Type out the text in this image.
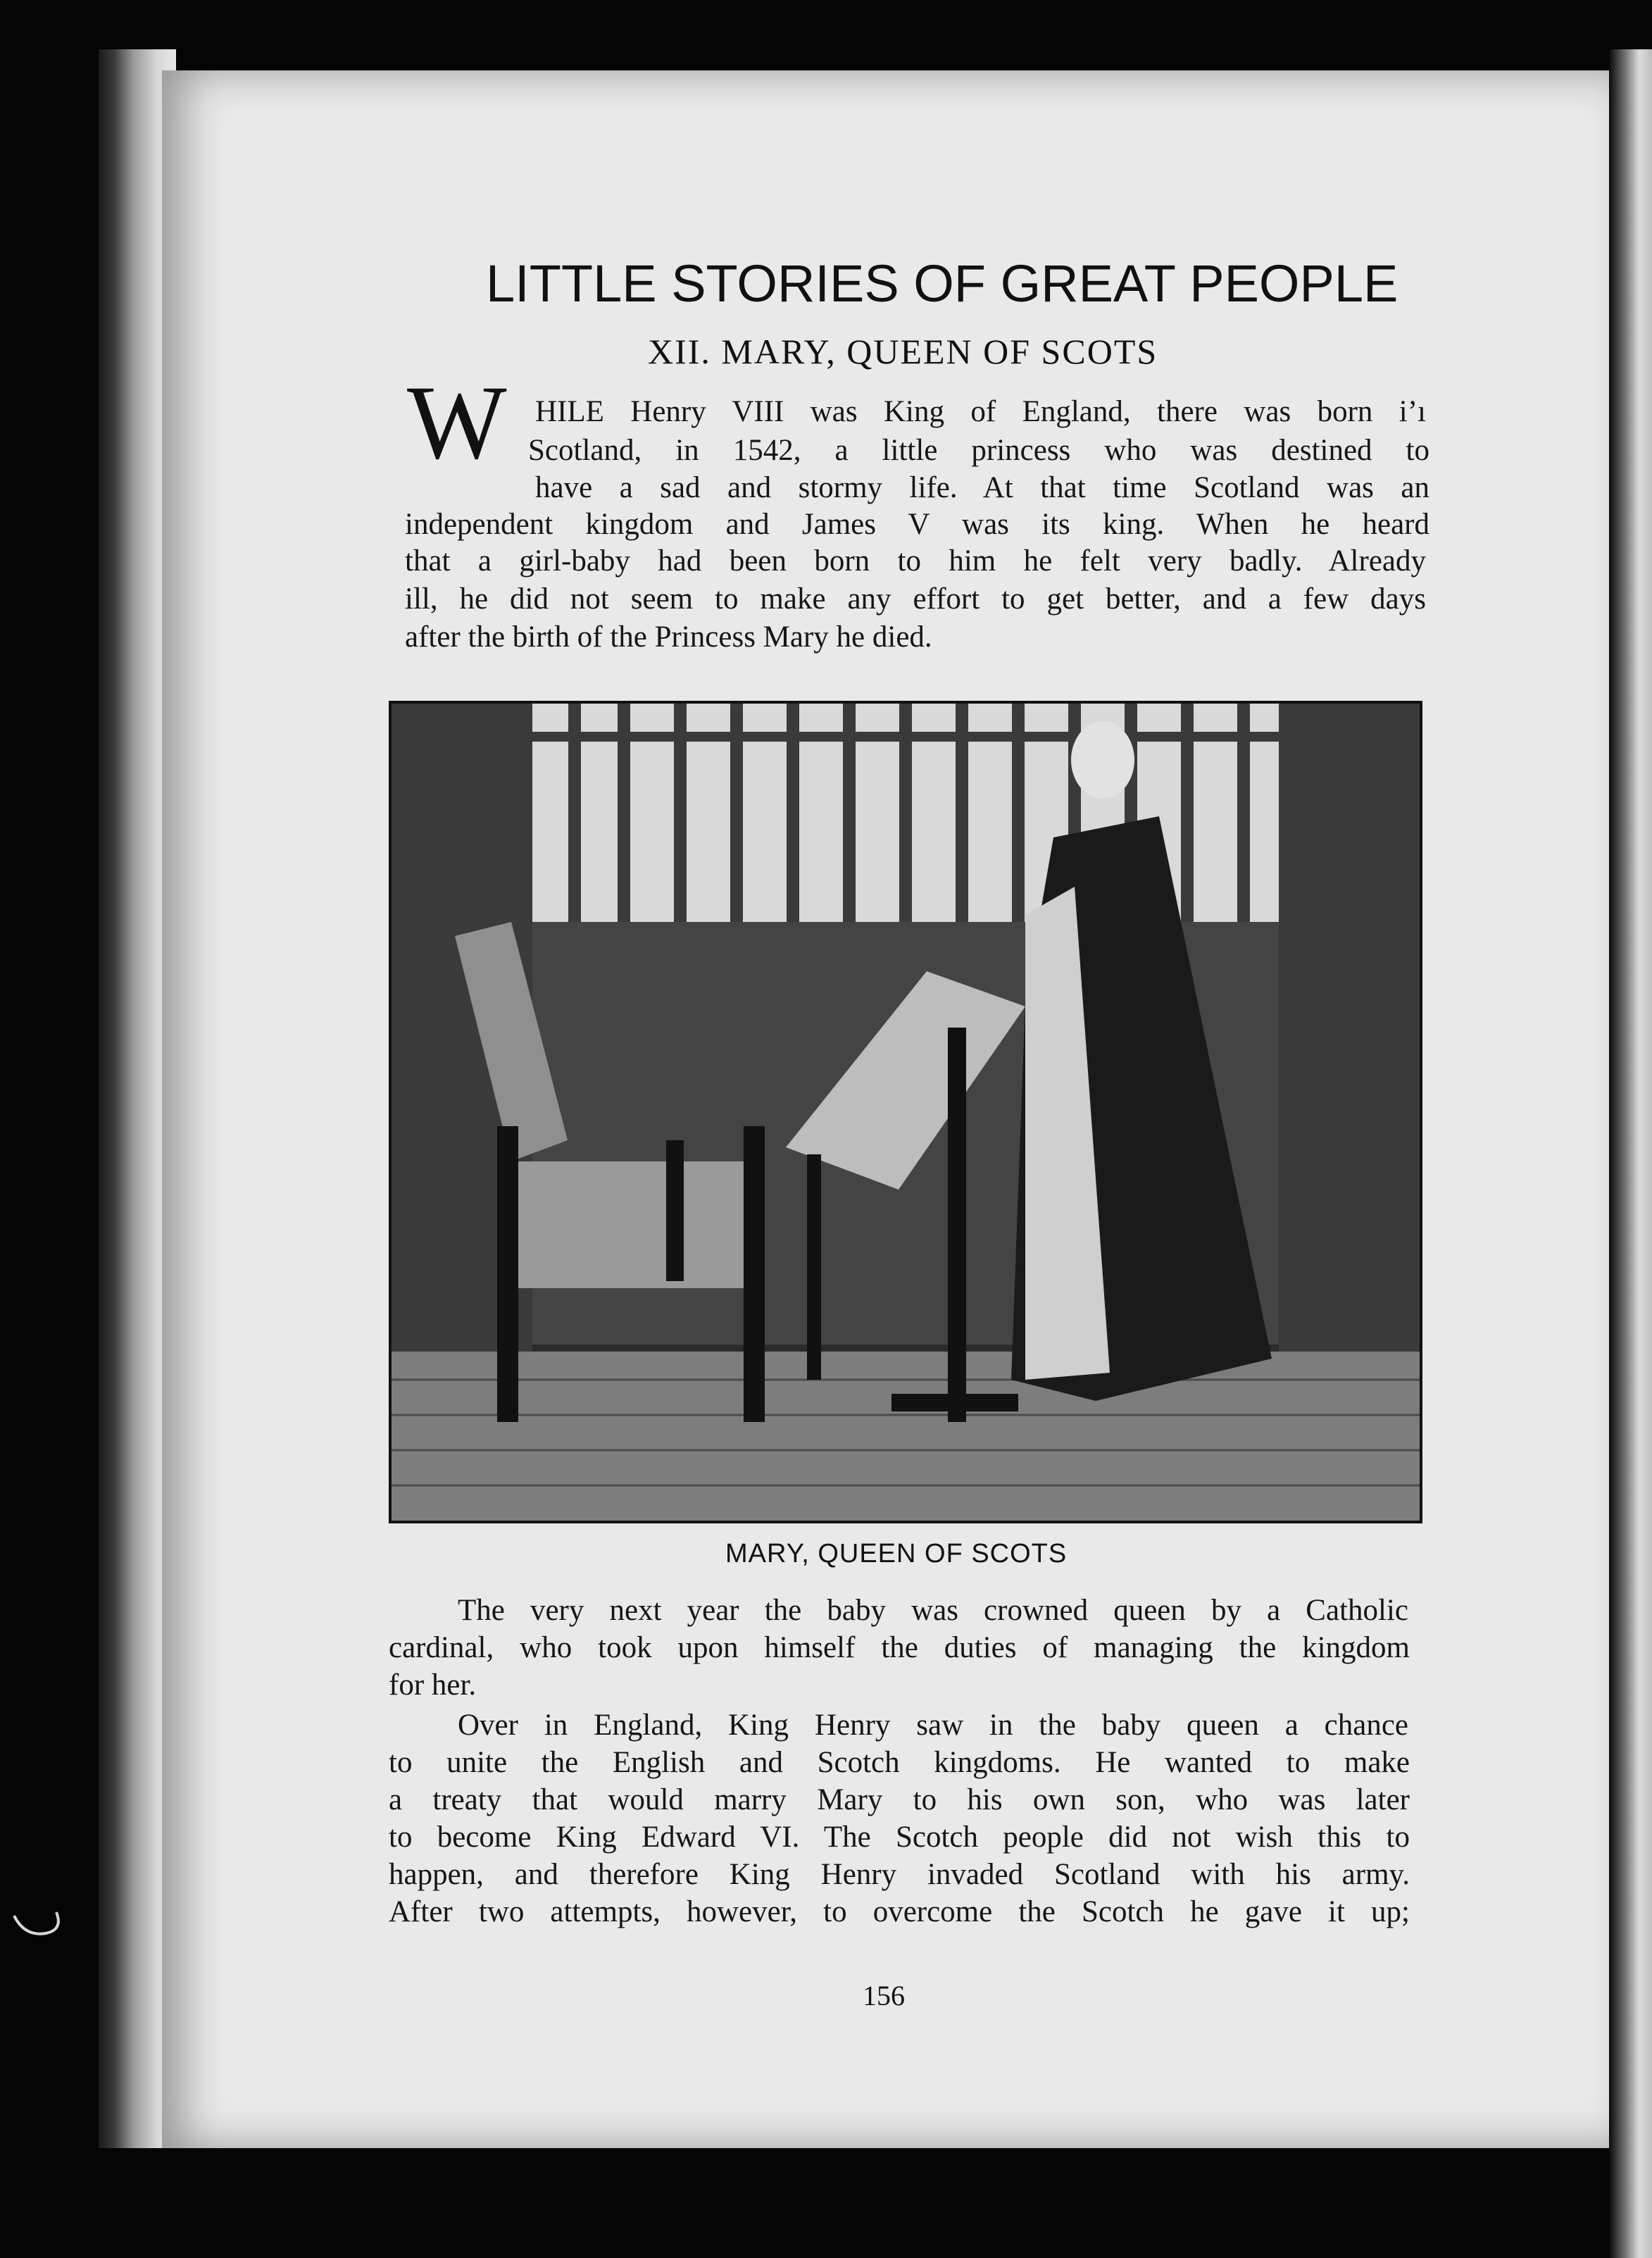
LITTLE STORIES OF GREAT PEOPLE
XII. MARY, QUEEN OF SCOTS
W HILE Henry VIII was King of England, there was born i’ı
Scotland, in 1542, a little princess who was destined to
have a sad and stormy life. At that time Scotland was an
independent kingdom and James V was its king. When he heard
that a girl-baby had been born to him he felt very badly. Already
ill, he did not seem to make any effort to get better, and a few days
after the birth of the Princess Mary he died.
MARY, QUEEN OF SCOTS
The very next year the baby was crowned queen by a Catholic
cardinal, who took upon himself the duties of managing the kingdom
for her.
Over in England, King Henry saw in the baby queen a chance
to unite the English and Scotch kingdoms. He wanted to make
a treaty that would marry Mary to his own son, who was later
to become King Edward VI. The Scotch people did not wish this to
happen, and therefore King Henry invaded Scotland with his army.
After two attempts, however, to overcome the Scotch he gave it up;
156
